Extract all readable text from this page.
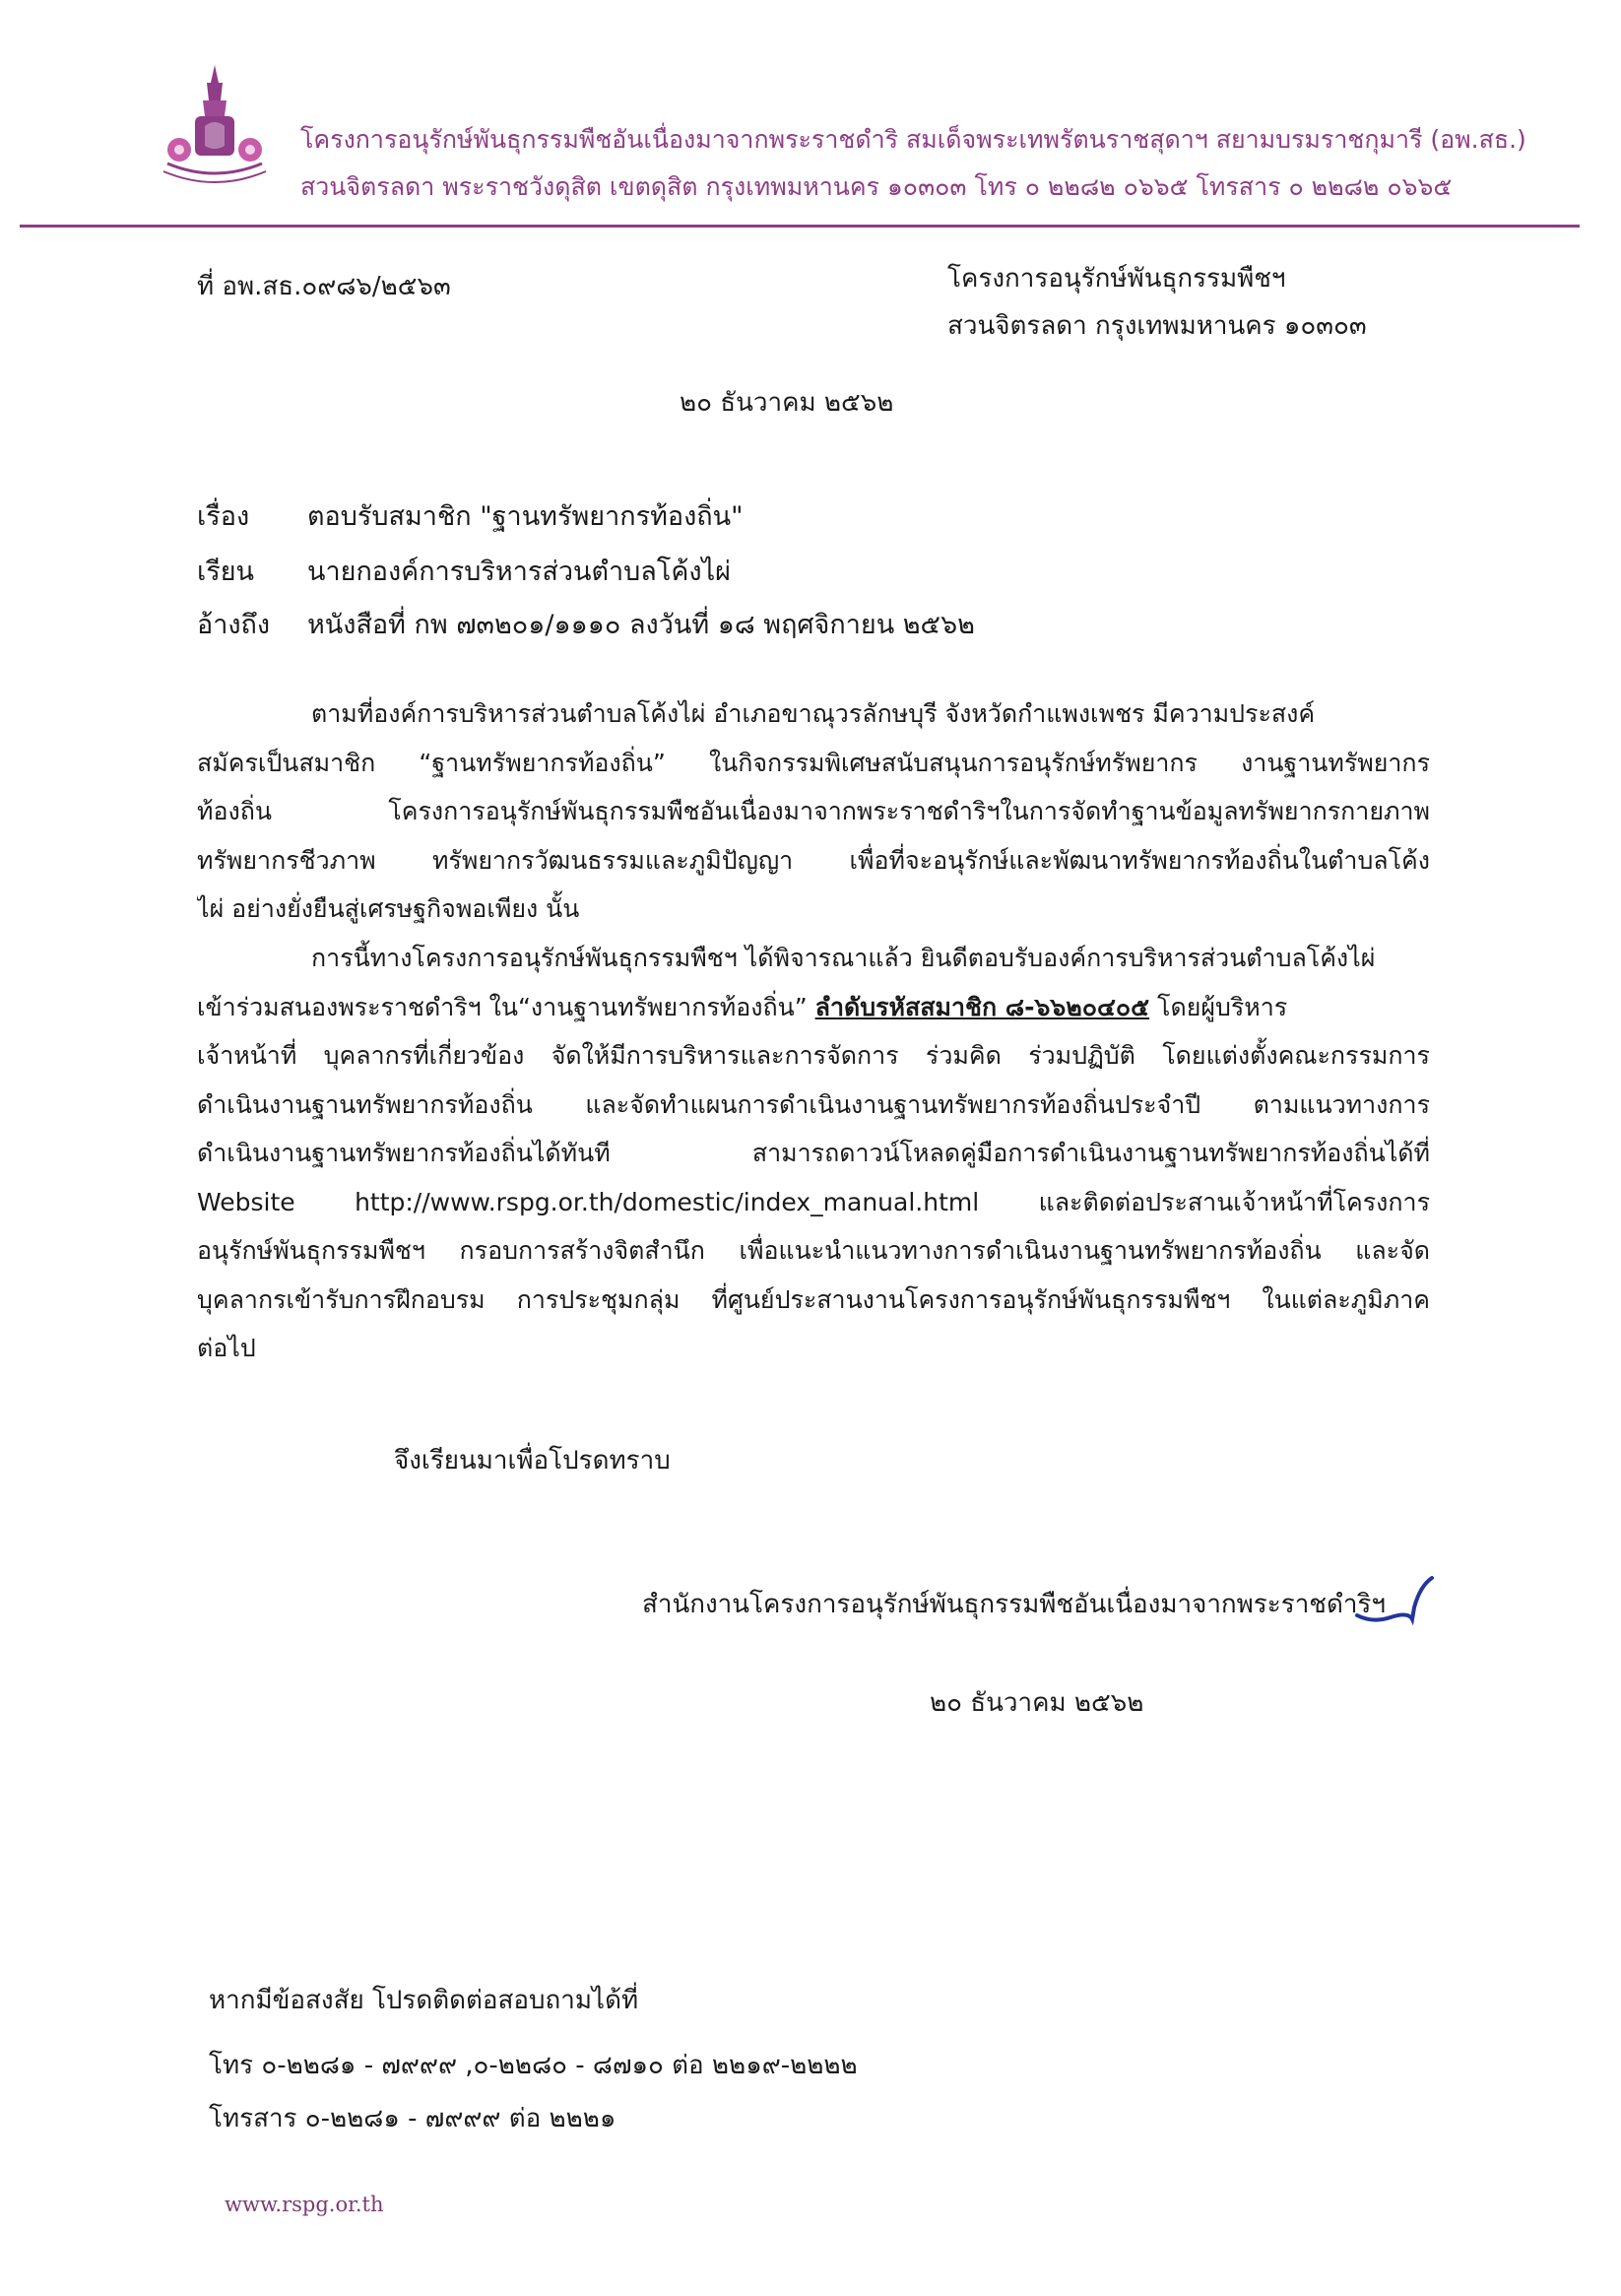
โครงการอนุรักษ์พันธุกรรมพืชอันเนื่องมาจากพระราชดำริ สมเด็จพระเทพรัตนราชสุดาฯ สยามบรมราชกุมารี (อพ.สธ.)
สวนจิตรลดา พระราชวังดุสิต เขตดุสิต กรุงเทพมหานคร ๑๐๓๐๓ โทร ๐ ๒๒๘๒ ๐๖๖๕ โทรสาร ๐ ๒๒๘๒ ๐๖๖๕
ที่ อพ.สธ.๐๙๘๖/๒๕๖๓	โครงการอนุรักษ์พันธุกรรมพืชฯ
สวนจิตรลดา กรุงเทพมหานคร ๑๐๓๐๓
๒๐ ธันวาคม ๒๕๖๒
เรื่อง ตอบรับสมาชิก "ฐานทรัพยากรท้องถิ่น"
เรียน นายกองค์การบริหารส่วนตำบลโค้งไผ่
อ้างถึง หนังสือที่ กพ ๗๓๒๐๑/๑๑๑๐ ลงวันที่ ๑๘ พฤศจิกายน ๒๕๖๒
ตามที่องค์การบริหารส่วนตำบลโค้งไผ่ อำเภอขาณุวรลักษบุรี จังหวัดกำแพงเพชร มีความประสงค์
สมัครเป็นสมาชิก “ฐานทรัพยากรท้องถิ่น” ในกิจกรรมพิเศษสนับสนุนการอนุรักษ์ทรัพยากร งานฐานทรัพยากร
ท้องถิ่น โครงการอนุรักษ์พันธุกรรมพืชอันเนื่องมาจากพระราชดำริฯในการจัดทำฐานข้อมูลทรัพยากรกายภาพ
ทรัพยากรชีวภาพ ทรัพยากรวัฒนธรรมและภูมิปัญญา เพื่อที่จะอนุรักษ์และพัฒนาทรัพยากรท้องถิ่นในตำบลโค้ง
ไผ่ อย่างยั่งยืนสู่เศรษฐกิจพอเพียง นั้น
การนี้ทางโครงการอนุรักษ์พันธุกรรมพืชฯ ได้พิจารณาแล้ว ยินดีตอบรับองค์การบริหารส่วนตำบลโค้งไผ่
เข้าร่วมสนองพระราชดำริฯ ใน“งานฐานทรัพยากรท้องถิ่น” ลำดับรหัสสมาชิก ๘-๖๖๒๐๔๐๕ โดยผู้บริหาร
เจ้าหน้าที่ บุคลากรที่เกี่ยวข้อง จัดให้มีการบริหารและการจัดการ ร่วมคิด ร่วมปฏิบัติ โดยแต่งตั้งคณะกรรมการ
ดำเนินงานฐานทรัพยากรท้องถิ่น และจัดทำแผนการดำเนินงานฐานทรัพยากรท้องถิ่นประจำปี ตามแนวทางการ
ดำเนินงานฐานทรัพยากรท้องถิ่นได้ทันที สามารถดาวน์โหลดคู่มือการดำเนินงานฐานทรัพยากรท้องถิ่นได้ที่
Website http://www.rspg.or.th/domestic/index_manual.html และติดต่อประสานเจ้าหน้าที่โครงการ
อนุรักษ์พันธุกรรมพืชฯ กรอบการสร้างจิตสำนึก เพื่อแนะนำแนวทางการดำเนินงานฐานทรัพยากรท้องถิ่น และจัด
บุคลากรเข้ารับการฝึกอบรม การประชุมกลุ่ม ที่ศูนย์ประสานงานโครงการอนุรักษ์พันธุกรรมพืชฯ ในแต่ละภูมิภาค
ต่อไป
จึงเรียนมาเพื่อโปรดทราบ
สำนักงานโครงการอนุรักษ์พันธุกรรมพืชอันเนื่องมาจากพระราชดำริฯ
๒๐ ธันวาคม ๒๕๖๒
หากมีข้อสงสัย โปรดติดต่อสอบถามได้ที่
โทร ๐-๒๒๘๑ - ๗๙๙๙ ,๐-๒๒๘๐ - ๘๗๑๐ ต่อ ๒๒๑๙-๒๒๒๒
โทรสาร ๐-๒๒๘๑ - ๗๙๙๙ ต่อ ๒๒๒๑
www.rspg.or.th
